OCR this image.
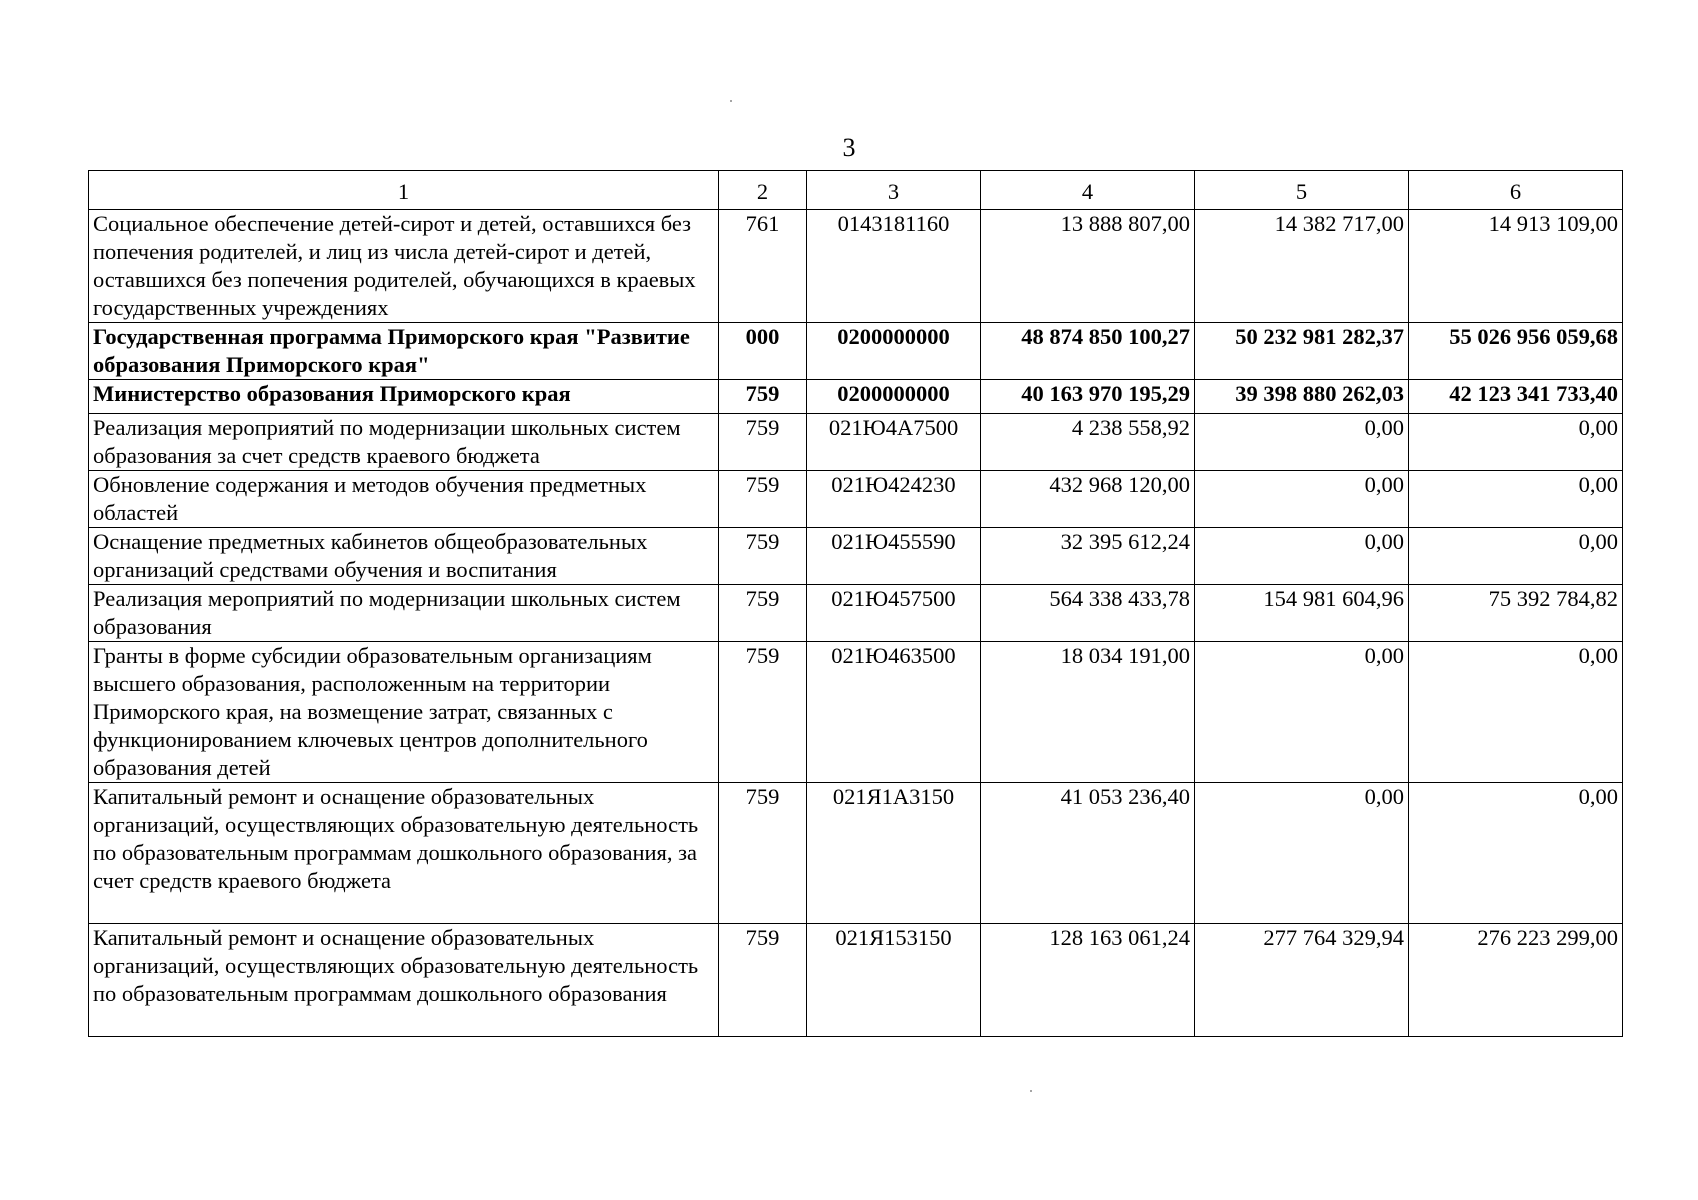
3
1	2	3	4	5	6
Социальное обеспечение детей-сирот и детей, оставшихся без попечения родителей, и лиц из числа детей-сирот и детей, оставшихся без попечения родителей, обучающихся в краевых государственных учреждениях	761	0143181160	13 888 807,00	14 382 717,00	14 913 109,00
Государственная программа Приморского края "Развитие образования Приморского края"	000	0200000000	48 874 850 100,27	50 232 981 282,37	55 026 956 059,68
Министерство образования Приморского края	759	0200000000	40 163 970 195,29	39 398 880 262,03	42 123 341 733,40
Реализация мероприятий по модернизации школьных систем образования за счет средств краевого бюджета	759	021Ю4А7500	4 238 558,92	0,00	0,00
Обновление содержания и методов обучения предметных областей	759	021Ю424230	432 968 120,00	0,00	0,00
Оснащение предметных кабинетов общеобразовательных организаций средствами обучения и воспитания	759	021Ю455590	32 395 612,24	0,00	0,00
Реализация мероприятий по модернизации школьных систем образования	759	021Ю457500	564 338 433,78	154 981 604,96	75 392 784,82
Гранты в форме субсидии образовательным организациям высшего образования, расположенным на территории Приморского края, на возмещение затрат, связанных с функционированием ключевых центров дополнительного образования детей	759	021Ю463500	18 034 191,00	0,00	0,00
Капитальный ремонт и оснащение образовательных организаций, осуществляющих образовательную деятельность по образовательным программам дошкольного образования, за счет средств краевого бюджета	759	021Я1А3150	41 053 236,40	0,00	0,00
Капитальный ремонт и оснащение образовательных организаций, осуществляющих образовательную деятельность по образовательным программам дошкольного образования	759	021Я153150	128 163 061,24	277 764 329,94	276 223 299,00
